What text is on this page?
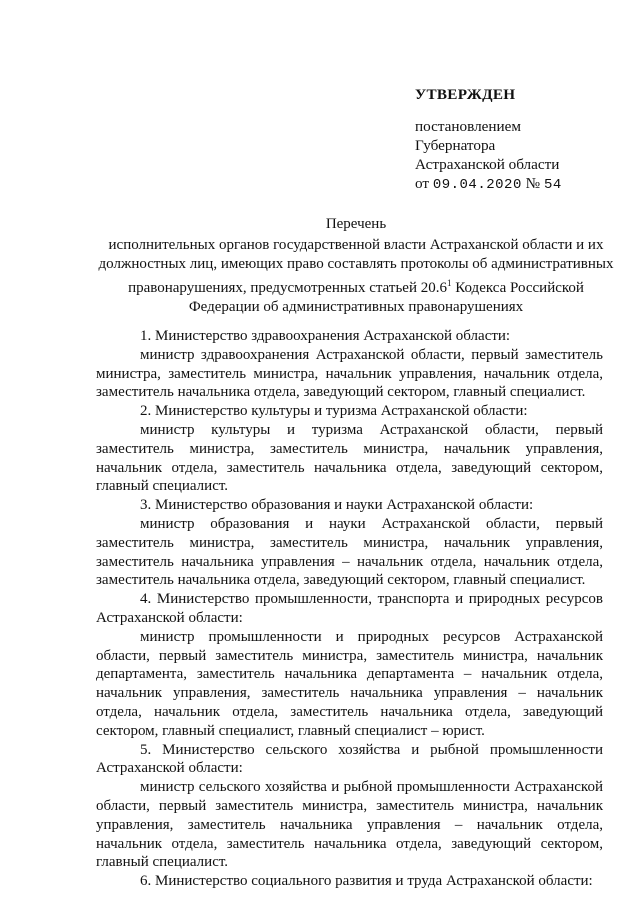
УТВЕРЖДЕН
постановлением
Губернатора
Астраханской области
от 09.04.2020 № 54
Перечень
исполнительных органов государственной власти Астраханской области и их должностных лиц, имеющих право составлять протоколы об административных правонарушениях, предусмотренных статьей 20.6$^1$ Кодекса Российской Федерации об административных правонарушениях

1. Министерство здравоохранения Астраханской области:

министр здравоохранения Астраханской области, первый заместитель министра, заместитель министра, начальник управления, начальник отдела, заместитель начальника отдела, заведующий сектором, главный специалист.

2. Министерство культуры и туризма Астраханской области:

министр культуры и туризма Астраханской области, первый заместитель министра, заместитель министра, начальник управления, начальник отдела, заместитель начальника отдела, заведующий сектором, главный специалист.

3. Министерство образования и науки Астраханской области:

министр образования и науки Астраханской области, первый заместитель министра, заместитель министра, начальник управления, заместитель начальника управления – начальник отдела, начальник отдела, заместитель начальника отдела, заведующий сектором, главный специалист.

4. Министерство промышленности, транспорта и природных ресурсов Астраханской области:

министр промышленности и природных ресурсов Астраханской области, первый заместитель министра, заместитель министра, начальник департамента, заместитель начальника департамента – начальник отдела, начальник управления, заместитель начальника управления – начальник отдела, начальник отдела, заместитель начальника отдела, заведующий сектором, главный специалист, главный специалист – юрист.

5. Министерство сельского хозяйства и рыбной промышленности Астраханской области:

министр сельского хозяйства и рыбной промышленности Астраханской области, первый заместитель министра, заместитель министра, начальник управления, заместитель начальника управления – начальник отдела, начальник отдела, заместитель начальника отдела, заведующий сектором, главный специалист.

6. Министерство социального развития и труда Астраханской области:
